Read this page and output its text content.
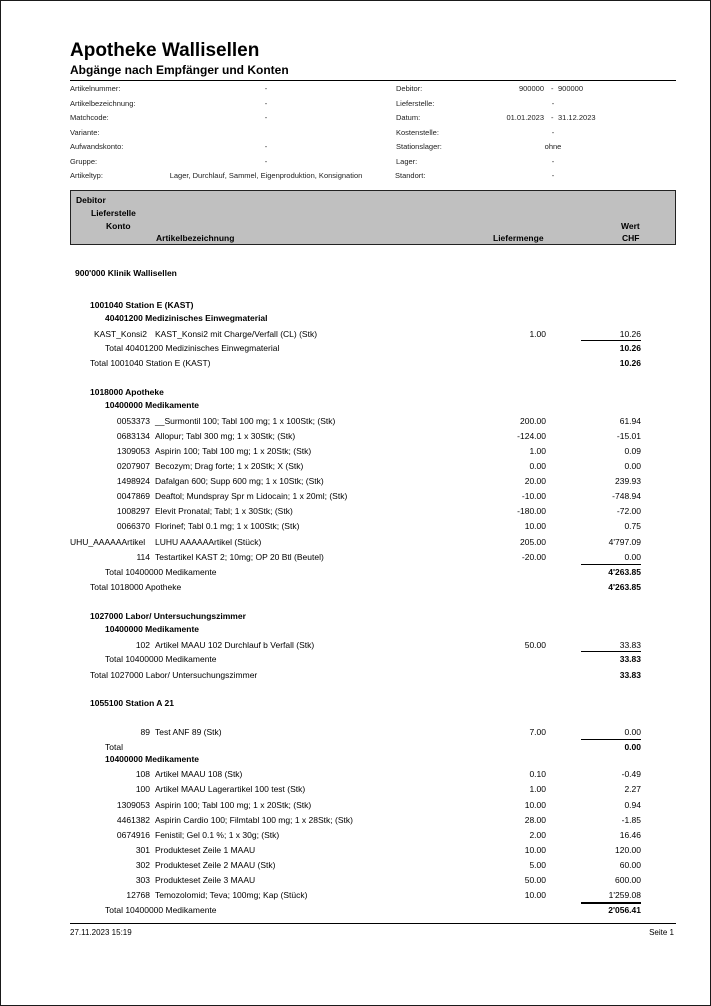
Apotheke Wallisellen
Abgänge nach Empfänger und Konten
Artikelnummer:	-
Artikelbezeichnung:	-
Matchcode:	-
Variante:
Aufwandskonto:	-
Gruppe:	-
Artikeltyp:	Lager, Durchlauf, Sammel, Eigenproduktion, Konsignation
Debitor:	900000 - 900000
Lieferstelle:	-
Datum:	01.01.2023 - 31.12.2023
Kostenstelle:	-
Stationslager:	ohne
Lager:	-
Standort:	-
Debitor
Lieferstelle
Konto
Artikelbezeichnung	Liefermenge
Wert
CHF
900'000 Klinik Wallisellen
1001040 Station E (KAST)
40401200 Medizinisches Einwegmaterial
KAST_Konsi2 KAST_Konsi2 mit Charge/Verfall (CL) (Stk)	1.00	10.26
Total 40401200 Medizinisches Einwegmaterial	10.26
Total 1001040 Station E (KAST)	10.26
1018000 Apotheke
10400000 Medikamente
0053373 __Surmontil 100; Tabl 100 mg; 1 x 100Stk; (Stk)	200.00	61.94
0683134 Allopur; Tabl 300 mg; 1 x 30Stk; (Stk)	-124.00	-15.01
1309053 Aspirin 100; Tabl 100 mg; 1 x 20Stk; (Stk)	1.00	0.09
0207907 Becozym; Drag forte; 1 x 20Stk; X (Stk)	0.00	0.00
1498924 Dafalgan 600; Supp 600 mg; 1 x 10Stk; (Stk)	20.00	239.93
0047869 Deaftol; Mundspray Spr m Lidocain; 1 x 20ml; (Stk)	-10.00	-748.94
1008297 Elevit Pronatal; Tabl; 1 x 30Stk; (Stk)	-180.00	-72.00
0066370 Florinef; Tabl 0.1 mg; 1 x 100Stk; (Stk)	10.00	0.75
UHU_AAAAAArtikel LUHU AAAAAArtikel (Stück)	205.00	4'797.09
114 Testartikel KAST 2; 10mg; OP 20 Btl (Beutel)	-20.00	0.00
Total 10400000 Medikamente	4'263.85
Total 1018000 Apotheke	4'263.85
1027000 Labor/ Untersuchungszimmer
10400000 Medikamente
102 Artikel MAAU 102 Durchlauf b Verfall (Stk)	50.00	33.83
Total 10400000 Medikamente	33.83
Total 1027000 Labor/ Untersuchungszimmer	33.83
1055100 Station A 21
89 Test ANF 89 (Stk)	7.00	0.00
Total	0.00
10400000 Medikamente
108 Artikel MAAU 108 (Stk)	0.10	-0.49
100 Artikel MAAU Lagerartikel 100 test (Stk)	1.00	2.27
1309053 Aspirin 100; Tabl 100 mg; 1 x 20Stk; (Stk)	10.00	0.94
4461382 Aspirin Cardio 100; Filmtabl 100 mg; 1 x 28Stk; (Stk)	28.00	-1.85
0674916 Fenistil; Gel 0.1 %; 1 x 30g; (Stk)	2.00	16.46
301 Produkteset Zeile 1 MAAU	10.00	120.00
302 Produkteset Zeile 2 MAAU (Stk)	5.00	60.00
303 Produkteset Zeile 3 MAAU	50.00	600.00
12768 Temozolomid; Teva; 100mg; Kap (Stück)	10.00	1'259.08
Total 10400000 Medikamente	2'056.41
27.11.2023 15:19	Seite 1
